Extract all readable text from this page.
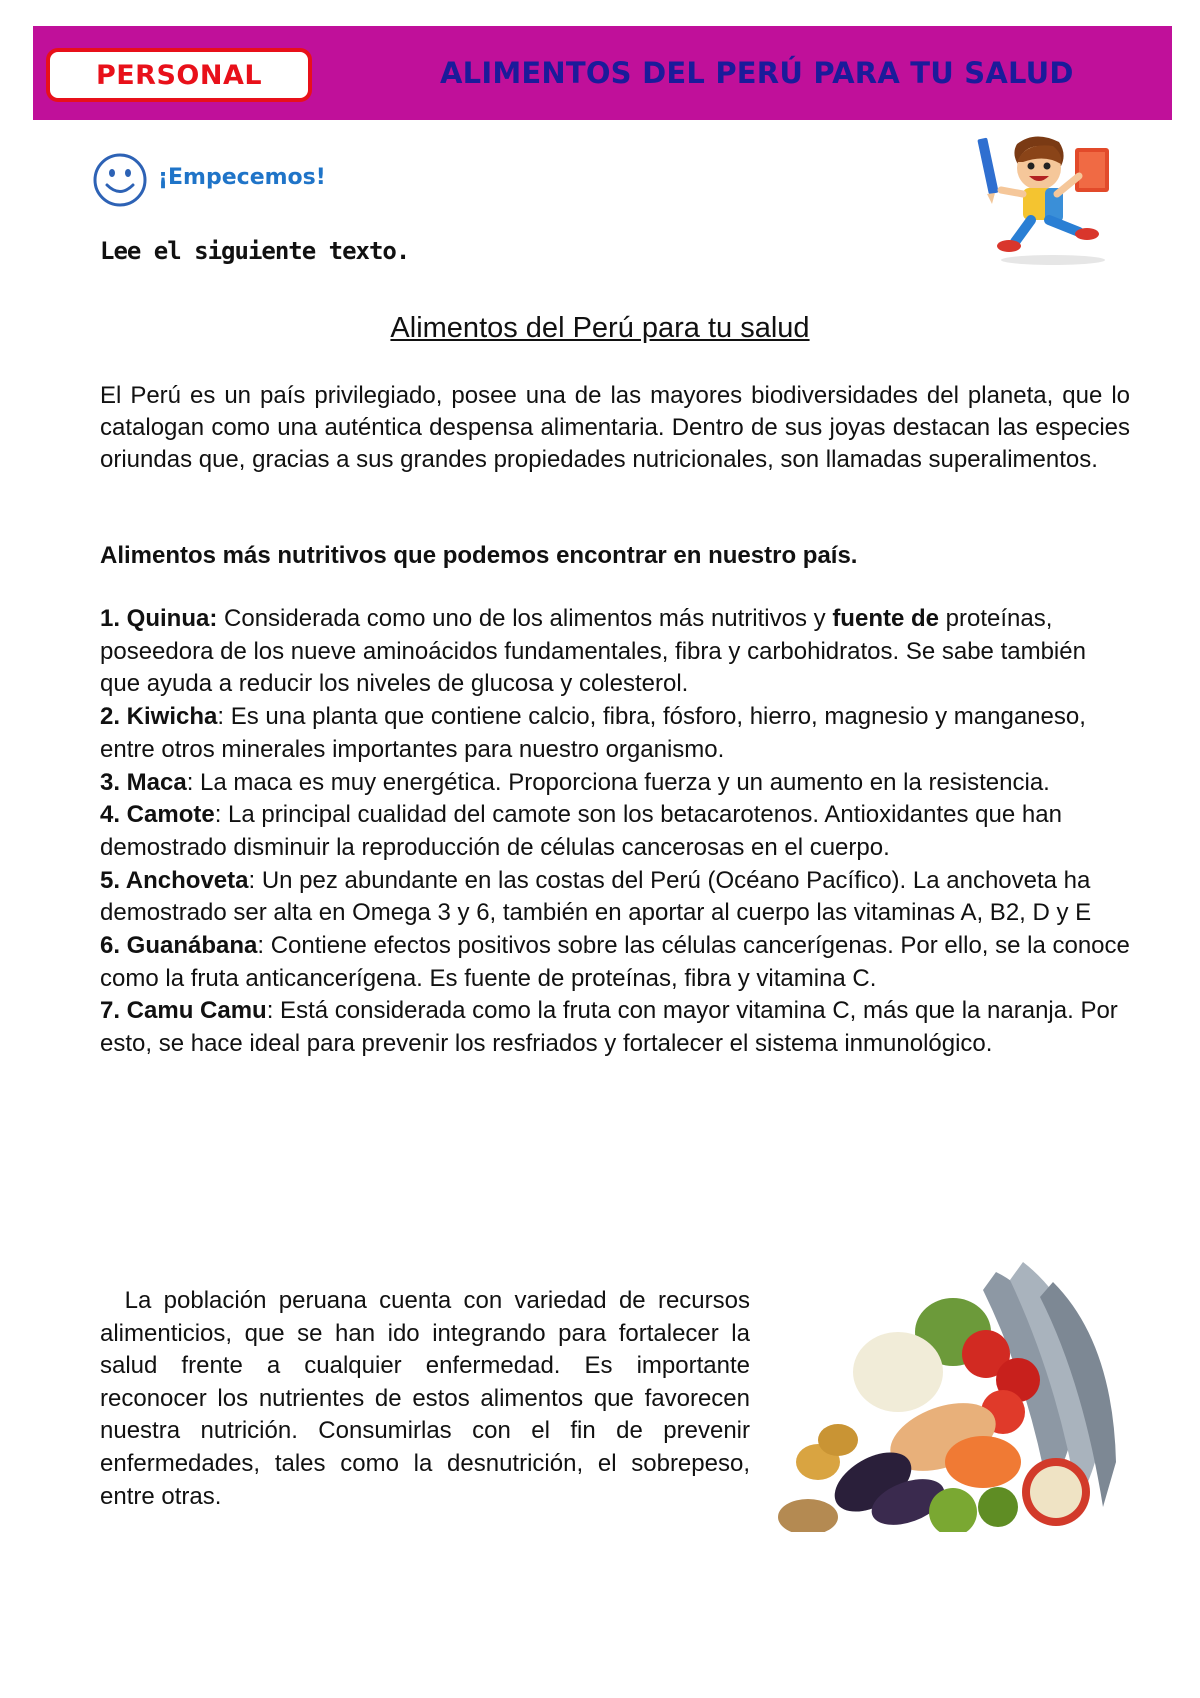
PERSONAL	ALIMENTOS DEL PERÚ PARA TU SALUD
¡Empecemos!
Lee el siguiente texto.
Alimentos del Perú para tu salud

El Perú es un país privilegiado, posee una de las mayores biodiversidades del planeta, que lo catalogan como una auténtica despensa alimentaria. Dentro de sus joyas destacan las especies oriundas que, gracias a sus grandes propiedades nutricionales, son llamadas superalimentos.

Alimentos más nutritivos que podemos encontrar en nuestro país.

1. Quinua: Considerada como uno de los alimentos más nutritivos y fuente de proteínas, poseedora de los nueve aminoácidos fundamentales, fibra y carbohidratos. Se sabe también que ayuda a reducir los niveles de glucosa y colesterol.
2. Kiwicha: Es una planta que contiene calcio, fibra, fósforo, hierro, magnesio y manganeso, entre otros minerales importantes para nuestro organismo.
3. Maca: La maca es muy energética. Proporciona fuerza y un aumento en la resistencia.
4. Camote: La principal cualidad del camote son los betacarotenos. Antioxidantes que han demostrado disminuir la reproducción de células cancerosas en el cuerpo.
5. Anchoveta: Un pez abundante en las costas del Perú (Océano Pacífico). La anchoveta ha demostrado ser alta en Omega 3 y 6, también en aportar al cuerpo las vitaminas A, B2, D y E
6. Guanábana: Contiene efectos positivos sobre las células cancerígenas. Por ello, se la conoce como la fruta anticancerígena. Es fuente de proteínas, fibra y vitamina C.
7. Camu Camu: Está considerada como la fruta con mayor vitamina C, más que la naranja. Por esto, se hace ideal para prevenir los resfriados y fortalecer el sistema inmunológico.

La población peruana cuenta con variedad de recursos alimenticios, que se han ido integrando para fortalecer la salud frente a cualquier enfermedad. Es importante reconocer los nutrientes de estos alimentos que favorecen nuestra nutrición. Consumirlas con el fin de prevenir enfermedades, tales como la desnutrición, el sobrepeso, entre otras.
